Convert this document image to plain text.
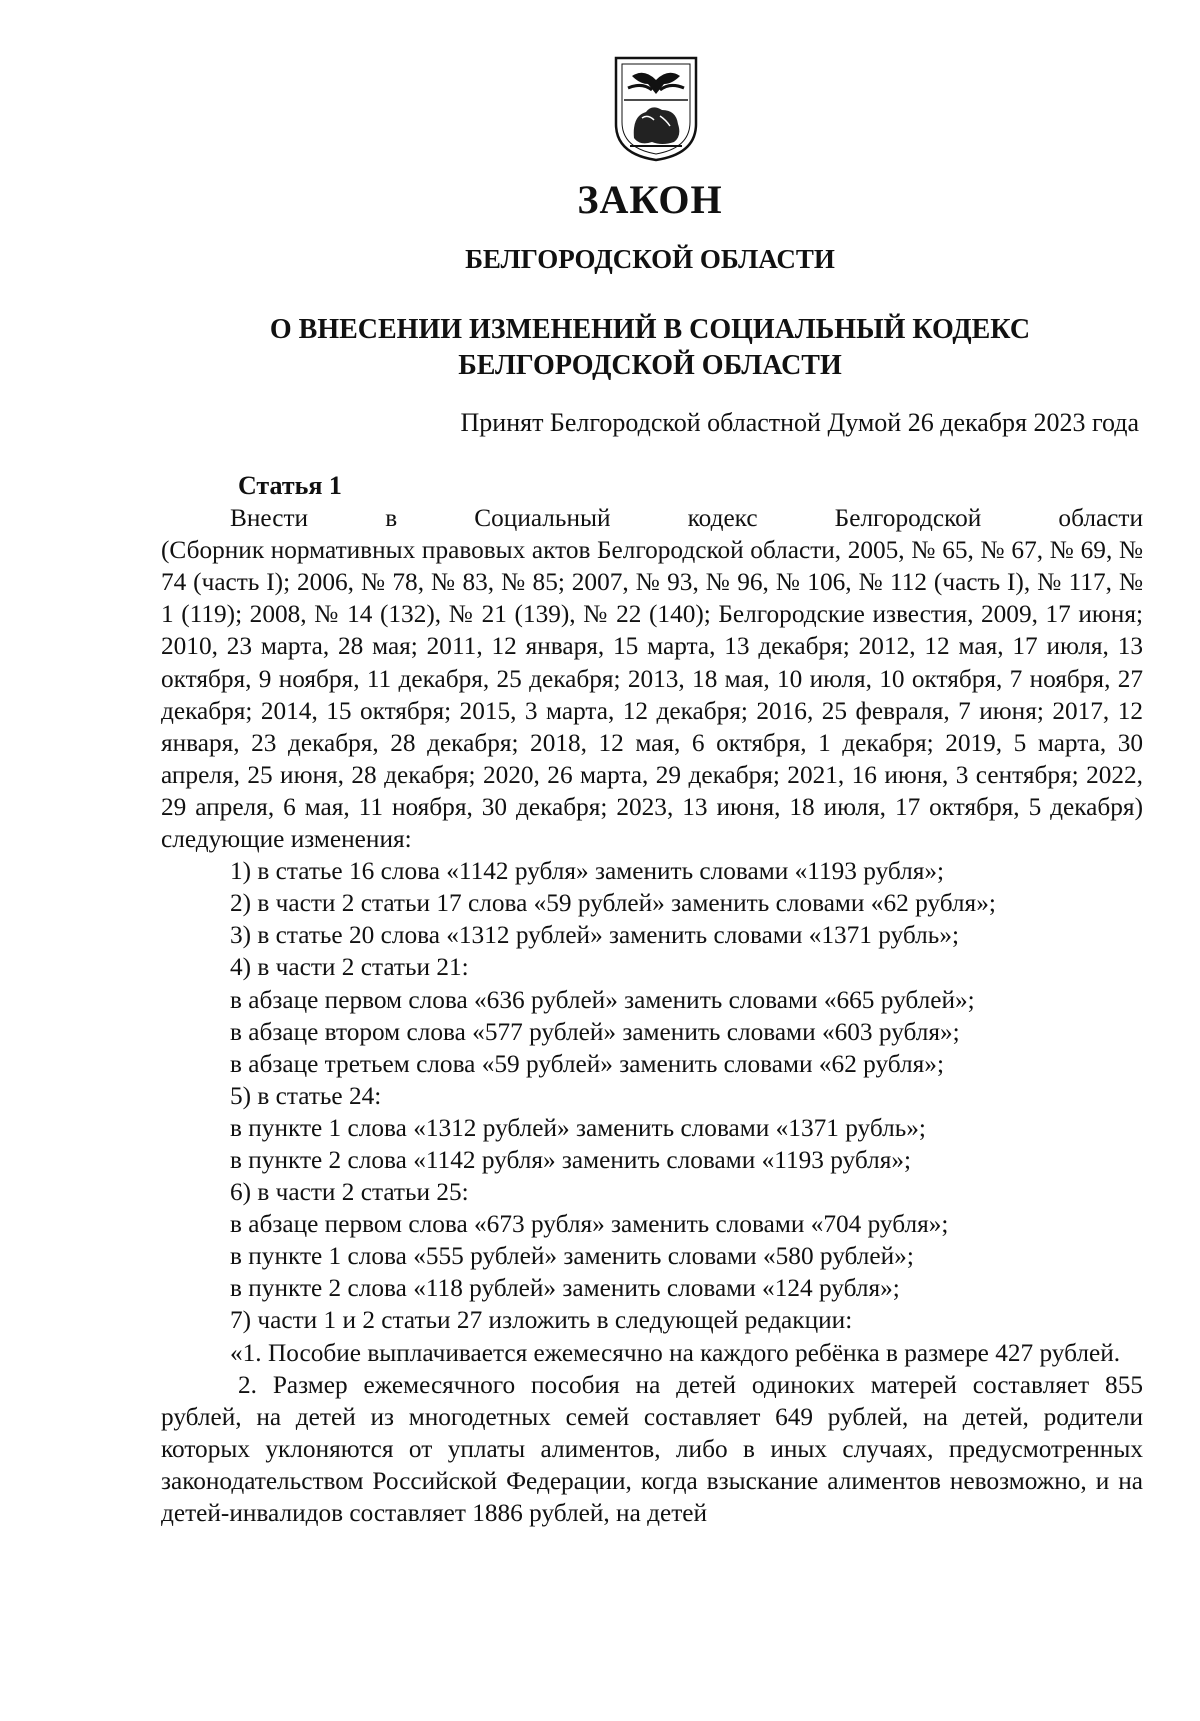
ЗАКОН
БЕЛГОРОДСКОЙ ОБЛАСТИ
О ВНЕСЕНИИ ИЗМЕНЕНИЙ В СОЦИАЛЬНЫЙ КОДЕКС
БЕЛГОРОДСКОЙ ОБЛАСТИ
Принят Белгородской областной Думой 26 декабря 2023 года

Статья 1

Внести в Социальный кодекс Белгородской области

(Сборник нормативных правовых актов Белгородской области, 2005, № 65, № 67, № 69, № 74 (часть I); 2006, № 78, № 83, № 85; 2007, № 93, № 96, № 106, № 112 (часть I), № 117, № 1 (119); 2008, № 14 (132), № 21 (139), № 22 (140); Белгородские известия, 2009, 17 июня; 2010, 23 марта, 28 мая; 2011, 12 января, 15 марта, 13 декабря; 2012, 12 мая, 17 июля, 13 октября, 9 ноября, 11 декабря, 25 декабря; 2013, 18 мая, 10 июля, 10 октября, 7 ноября, 27 декабря; 2014, 15 октября; 2015, 3 марта, 12 декабря; 2016, 25 февраля, 7 июня; 2017, 12 января, 23 декабря, 28 декабря; 2018, 12 мая, 6 октября, 1 декабря; 2019, 5 марта, 30 апреля, 25 июня, 28 декабря; 2020, 26 марта, 29 декабря; 2021, 16 июня, 3 сентября; 2022, 29 апреля, 6 мая, 11 ноября, 30 декабря; 2023, 13 июня, 18 июля, 17 октября, 5 декабря) следующие изменения:

1) в статье 16 слова «1142 рубля» заменить словами «1193 рубля»;

2) в части 2 статьи 17 слова «59 рублей» заменить словами «62 рубля»;

3) в статье 20 слова «1312 рублей» заменить словами «1371 рубль»;

4) в части 2 статьи 21:

в абзаце первом слова «636 рублей» заменить словами «665 рублей»;

в абзаце втором слова «577 рублей» заменить словами «603 рубля»;

в абзаце третьем слова «59 рублей» заменить словами «62 рубля»;

5) в статье 24:

в пункте 1 слова «1312 рублей» заменить словами «1371 рубль»;

в пункте 2 слова «1142 рубля» заменить словами «1193 рубля»;

6) в части 2 статьи 25:

в абзаце первом слова «673 рубля» заменить словами «704 рубля»;

в пункте 1 слова «555 рублей» заменить словами «580 рублей»;

в пункте 2 слова «118 рублей» заменить словами «124 рубля»;

7) части 1 и 2 статьи 27 изложить в следующей редакции:

«1. Пособие выплачивается ежемесячно на каждого ребёнка в размере 427 рублей.

2. Размер ежемесячного пособия на детей одиноких матерей составляет 855 рублей, на детей из многодетных семей составляет 649 рублей, на детей, родители которых уклоняются от уплаты алиментов, либо в иных случаях, предусмотренных законодательством Российской Федерации, когда взыскание алиментов невозможно, и на детей-инвалидов составляет 1886 рублей, на детей
